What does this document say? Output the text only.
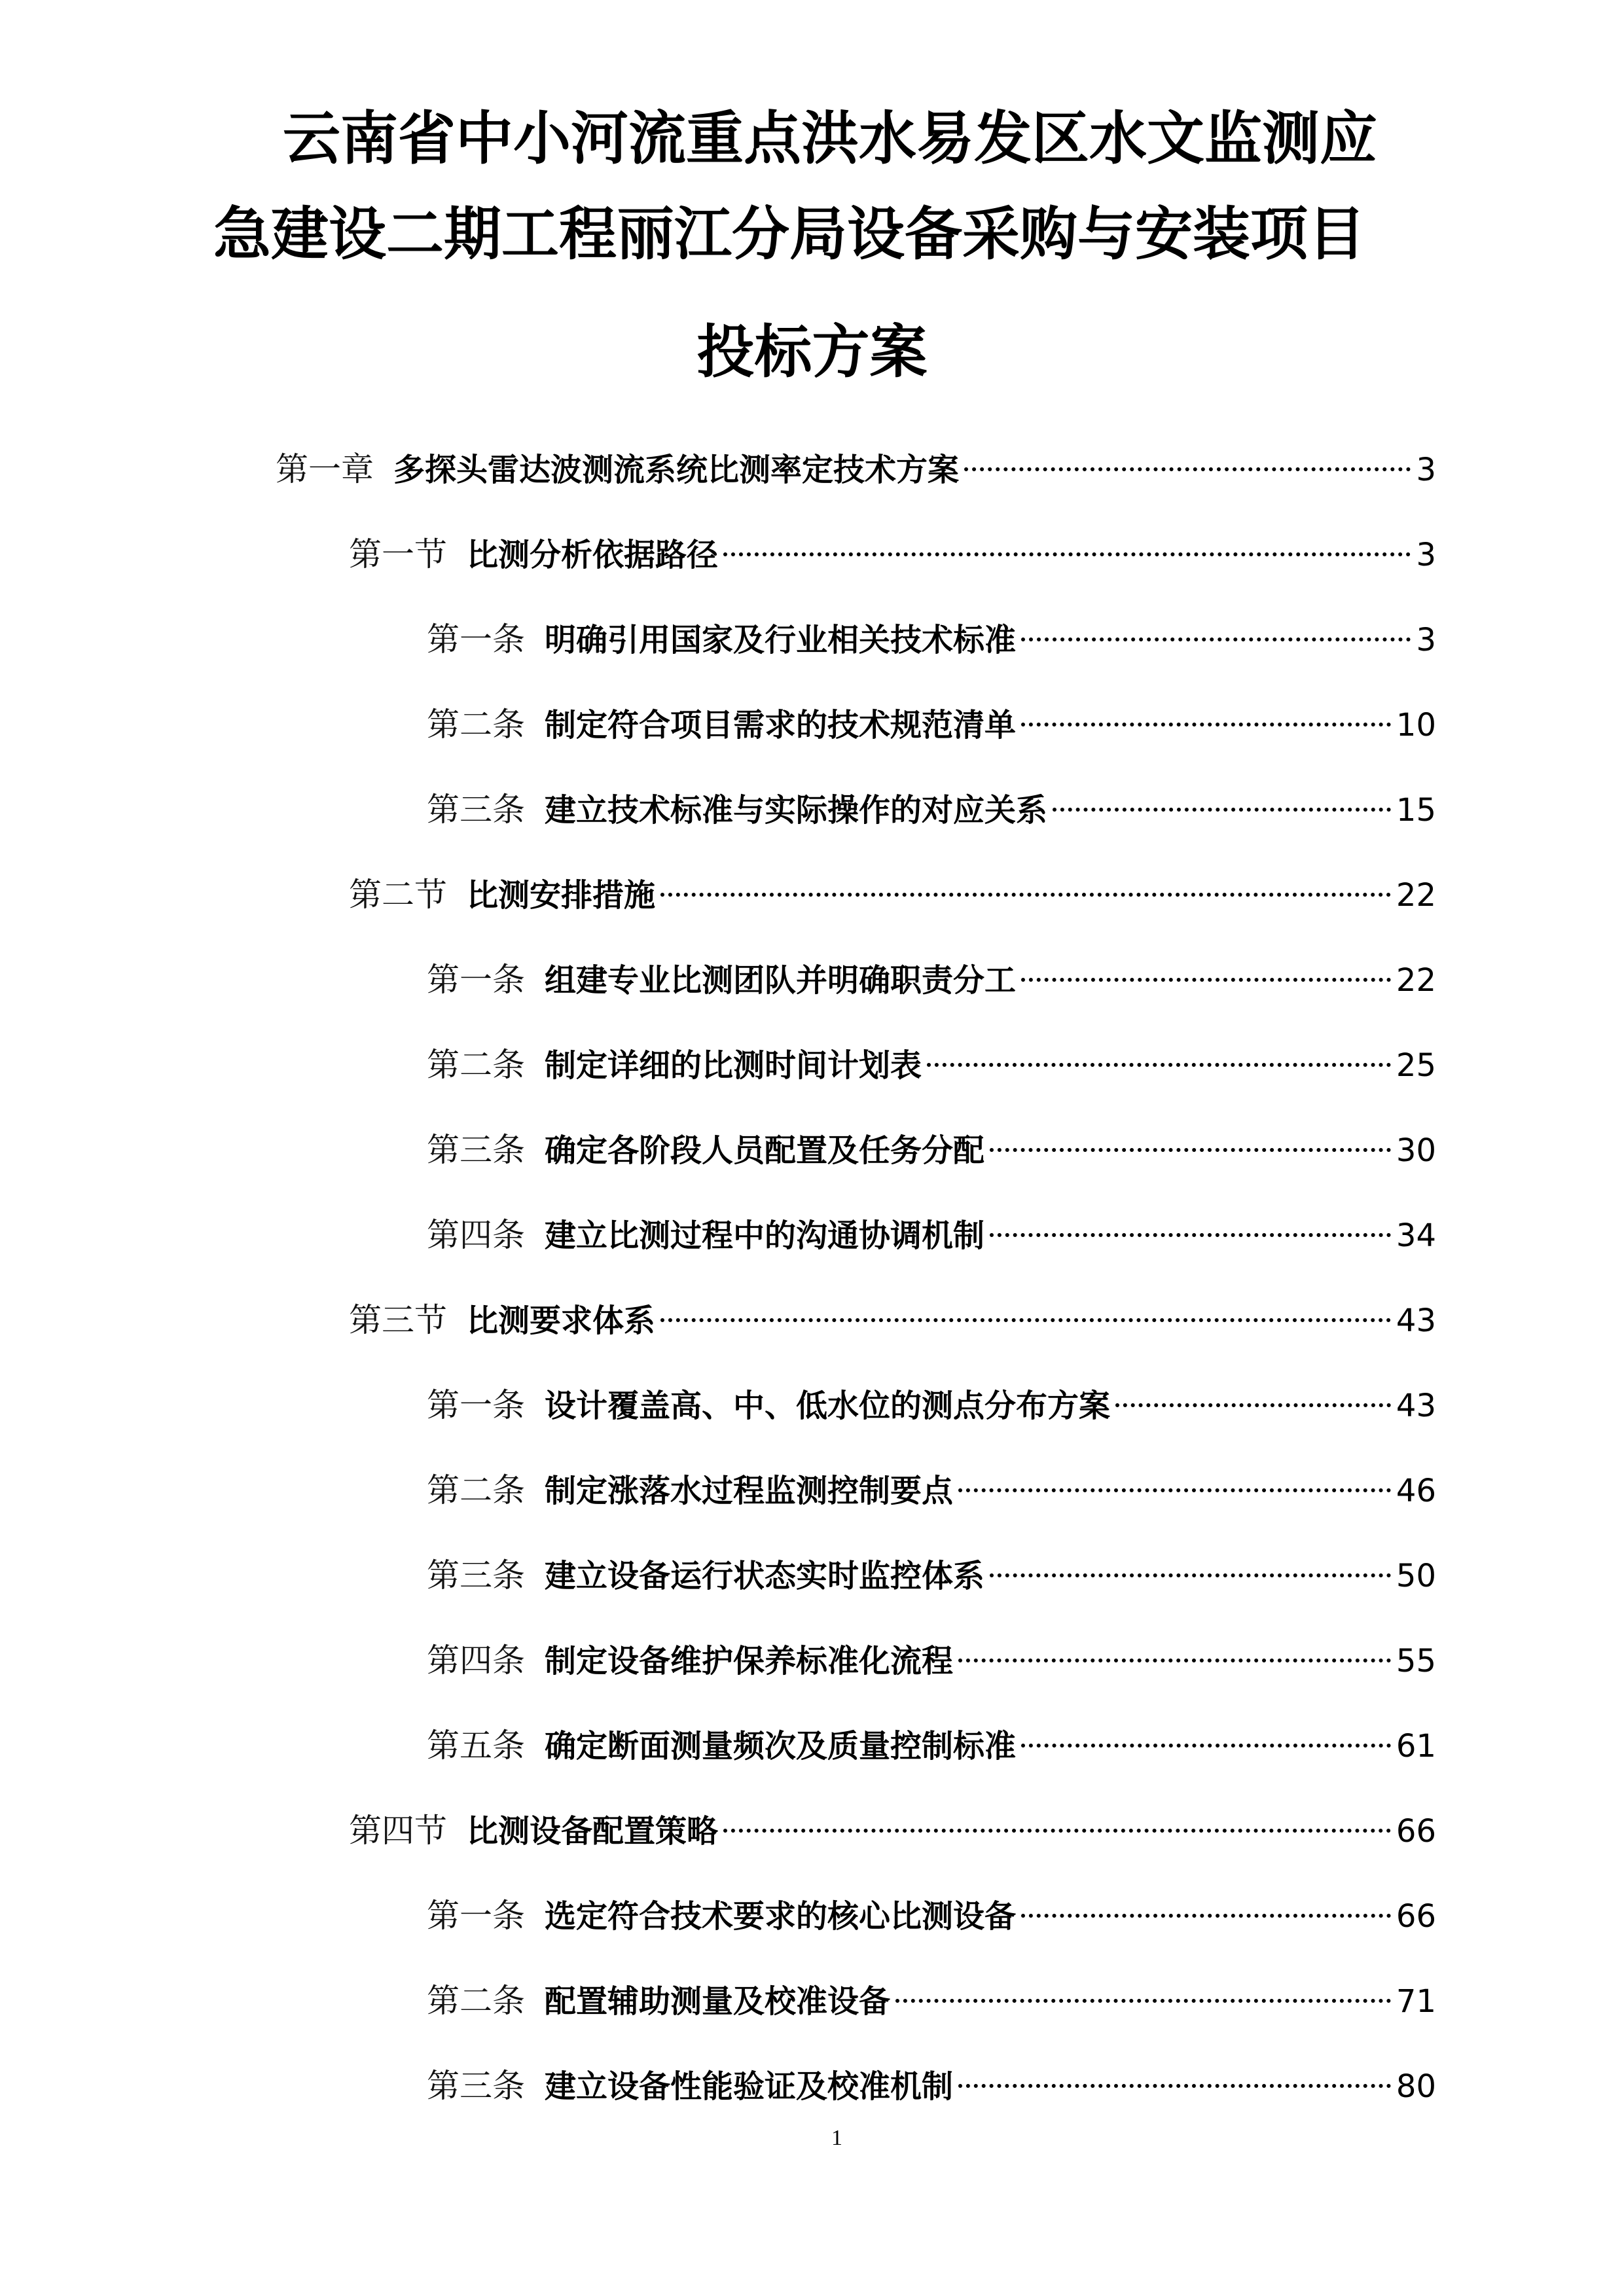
云南省中小河流重点洪水易发区水文监测应
急建设二期工程丽江分局设备采购与安装项目
投标方案
第一章 多探头雷达波测流系统比测率定技术方案	3
第一节 比测分析依据路径	3
第一条 明确引用国家及行业相关技术标准	3
第二条 制定符合项目需求的技术规范清单	10
第三条 建立技术标准与实际操作的对应关系	15
第二节 比测安排措施	22
第一条 组建专业比测团队并明确职责分工	22
第二条 制定详细的比测时间计划表	25
第三条 确定各阶段人员配置及任务分配	30
第四条 建立比测过程中的沟通协调机制	34
第三节 比测要求体系	43
第一条 设计覆盖高、中、低水位的测点分布方案	43
第二条 制定涨落水过程监测控制要点	46
第三条 建立设备运行状态实时监控体系	50
第四条 制定设备维护保养标准化流程	55
第五条 确定断面测量频次及质量控制标准	61
第四节 比测设备配置策略	66
第一条 选定符合技术要求的核心比测设备	66
第二条 配置辅助测量及校准设备	71
第三条 建立设备性能验证及校准机制	80
1
